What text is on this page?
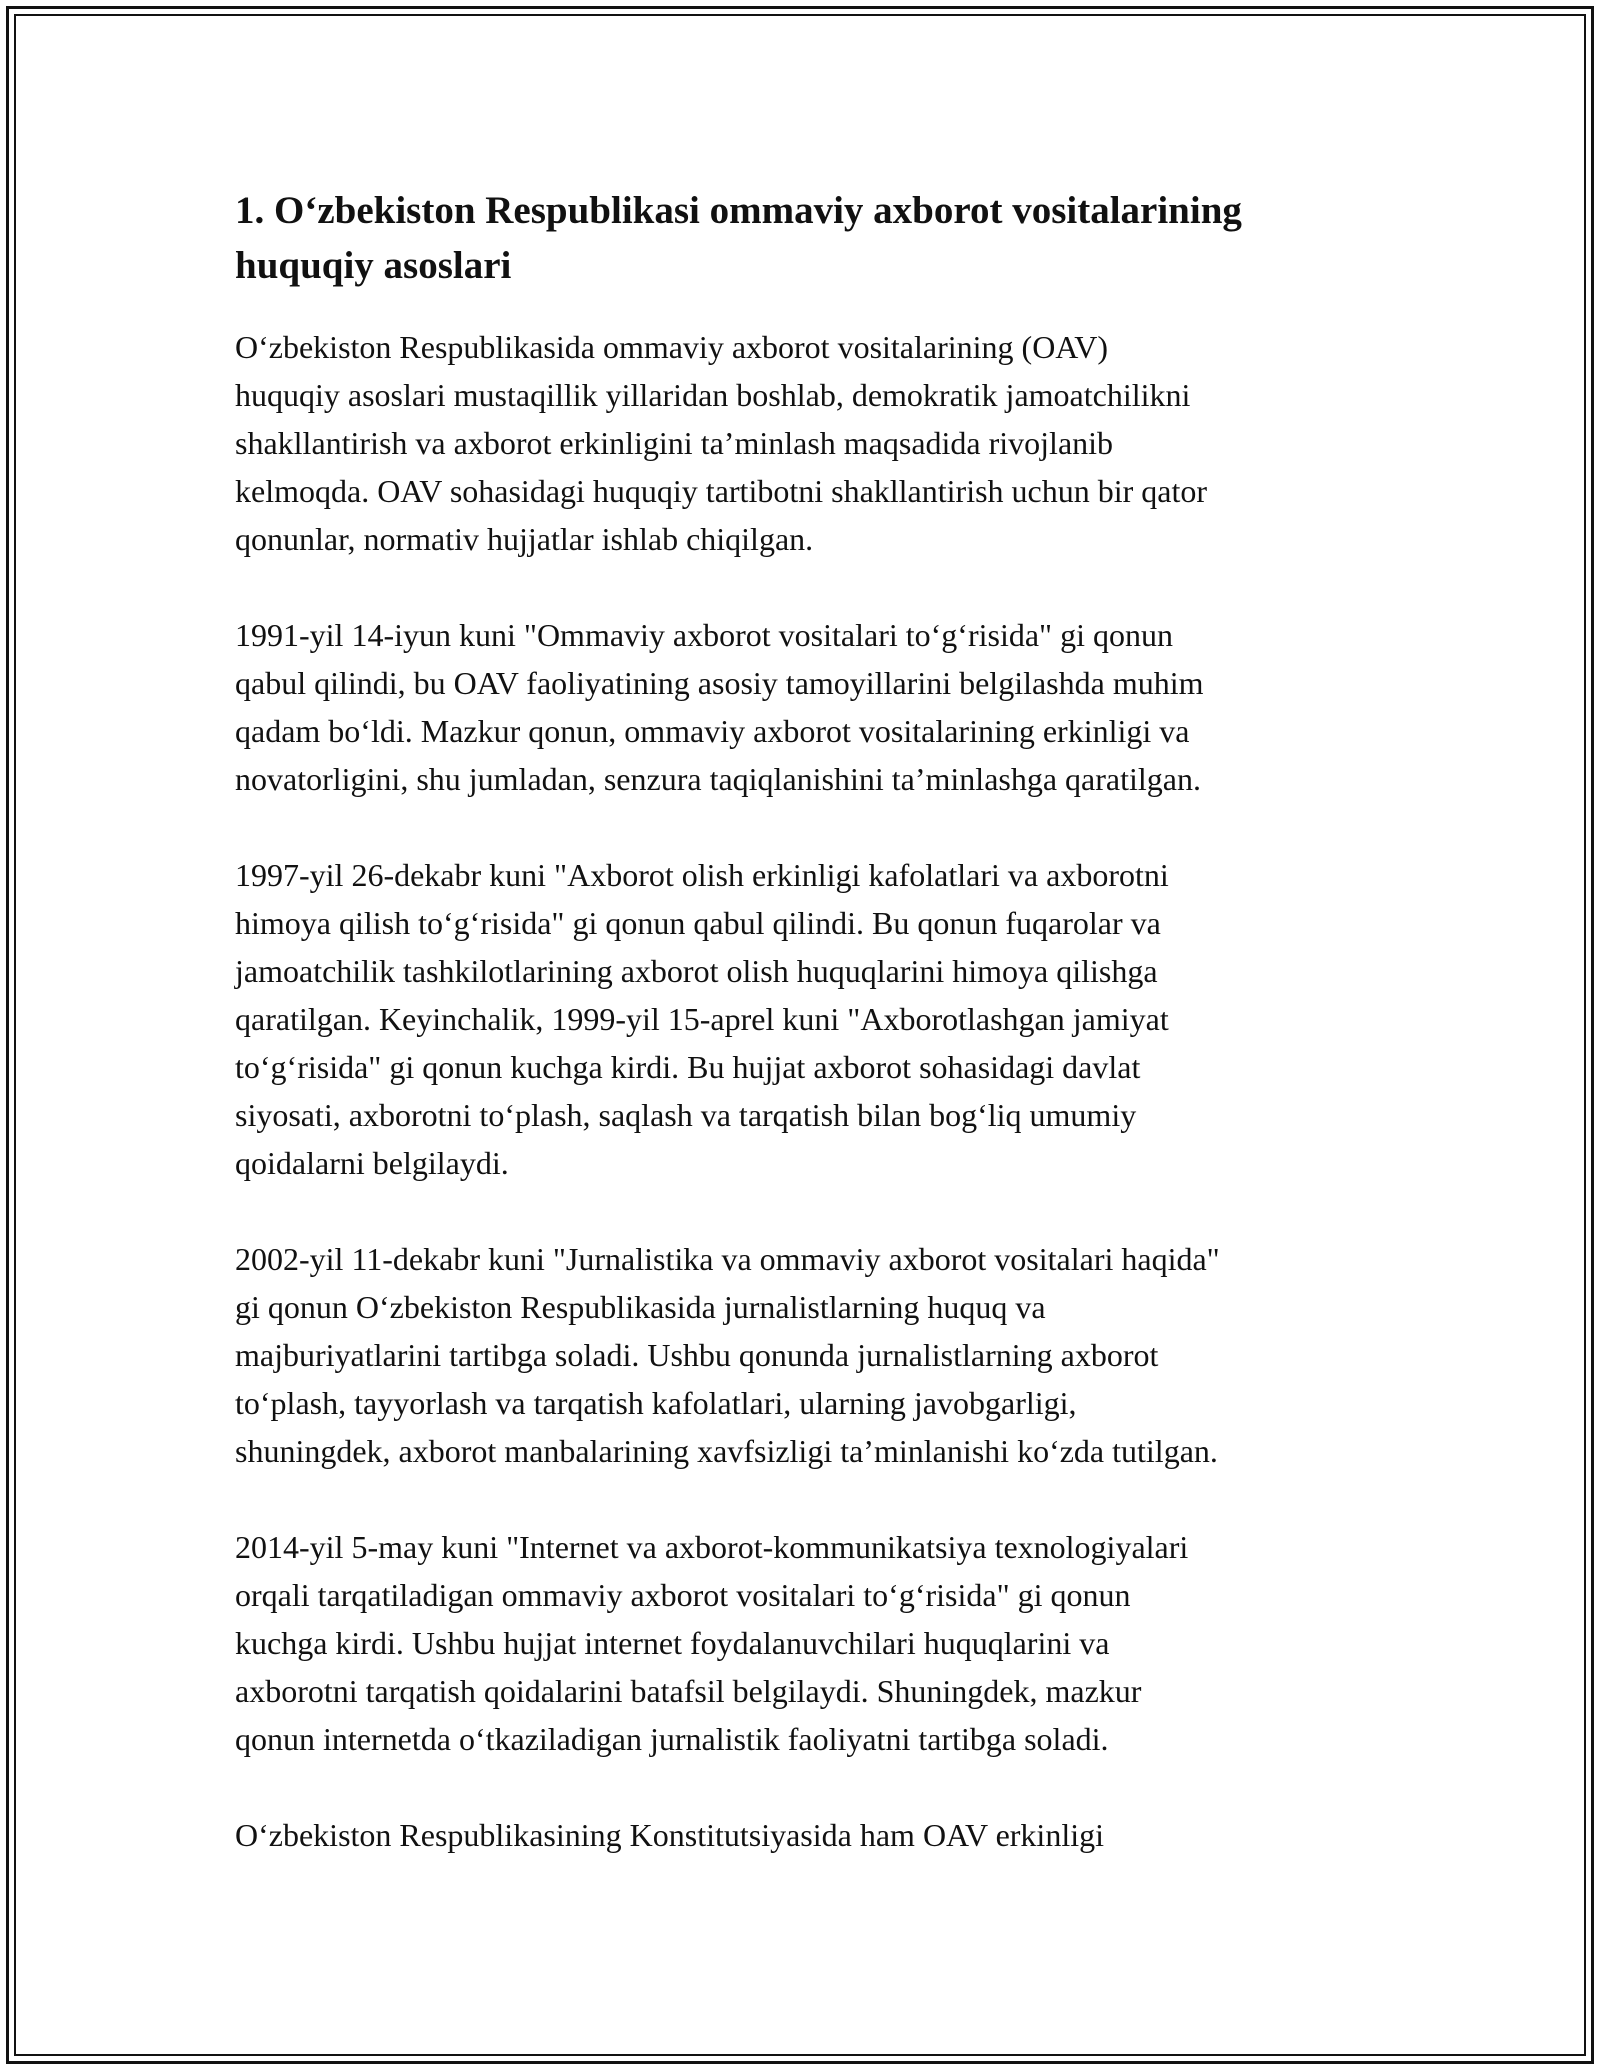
1. O‘zbekiston Respublikasi ommaviy axborot vositalarining
huquqiy asoslari

O‘zbekiston Respublikasida ommaviy axborot vositalarining (OAV)
huquqiy asoslari mustaqillik yillaridan boshlab, demokratik jamoatchilikni
shakllantirish va axborot erkinligini ta’minlash maqsadida rivojlanib
kelmoqda. OAV sohasidagi huquqiy tartibotni shakllantirish uchun bir qator
qonunlar, normativ hujjatlar ishlab chiqilgan.

1991-yil 14-iyun kuni "Ommaviy axborot vositalari to‘g‘risida" gi qonun
qabul qilindi, bu OAV faoliyatining asosiy tamoyillarini belgilashda muhim
qadam bo‘ldi. Mazkur qonun, ommaviy axborot vositalarining erkinligi va
novatorligini, shu jumladan, senzura taqiqlanishini ta’minlashga qaratilgan.

1997-yil 26-dekabr kuni "Axborot olish erkinligi kafolatlari va axborotni
himoya qilish to‘g‘risida" gi qonun qabul qilindi. Bu qonun fuqarolar va
jamoatchilik tashkilotlarining axborot olish huquqlarini himoya qilishga
qaratilgan. Keyinchalik, 1999-yil 15-aprel kuni "Axborotlashgan jamiyat
to‘g‘risida" gi qonun kuchga kirdi. Bu hujjat axborot sohasidagi davlat
siyosati, axborotni to‘plash, saqlash va tarqatish bilan bog‘liq umumiy
qoidalarni belgilaydi.

2002-yil 11-dekabr kuni "Jurnalistika va ommaviy axborot vositalari haqida"
gi qonun O‘zbekiston Respublikasida jurnalistlarning huquq va
majburiyatlarini tartibga soladi. Ushbu qonunda jurnalistlarning axborot
to‘plash, tayyorlash va tarqatish kafolatlari, ularning javobgarligi,
shuningdek, axborot manbalarining xavfsizligi ta’minlanishi ko‘zda tutilgan.

2014-yil 5-may kuni "Internet va axborot-kommunikatsiya texnologiyalari
orqali tarqatiladigan ommaviy axborot vositalari to‘g‘risida" gi qonun
kuchga kirdi. Ushbu hujjat internet foydalanuvchilari huquqlarini va
axborotni tarqatish qoidalarini batafsil belgilaydi. Shuningdek, mazkur
qonun internetda o‘tkaziladigan jurnalistik faoliyatni tartibga soladi.

O‘zbekiston Respublikasining Konstitutsiyasida ham OAV erkinligi
